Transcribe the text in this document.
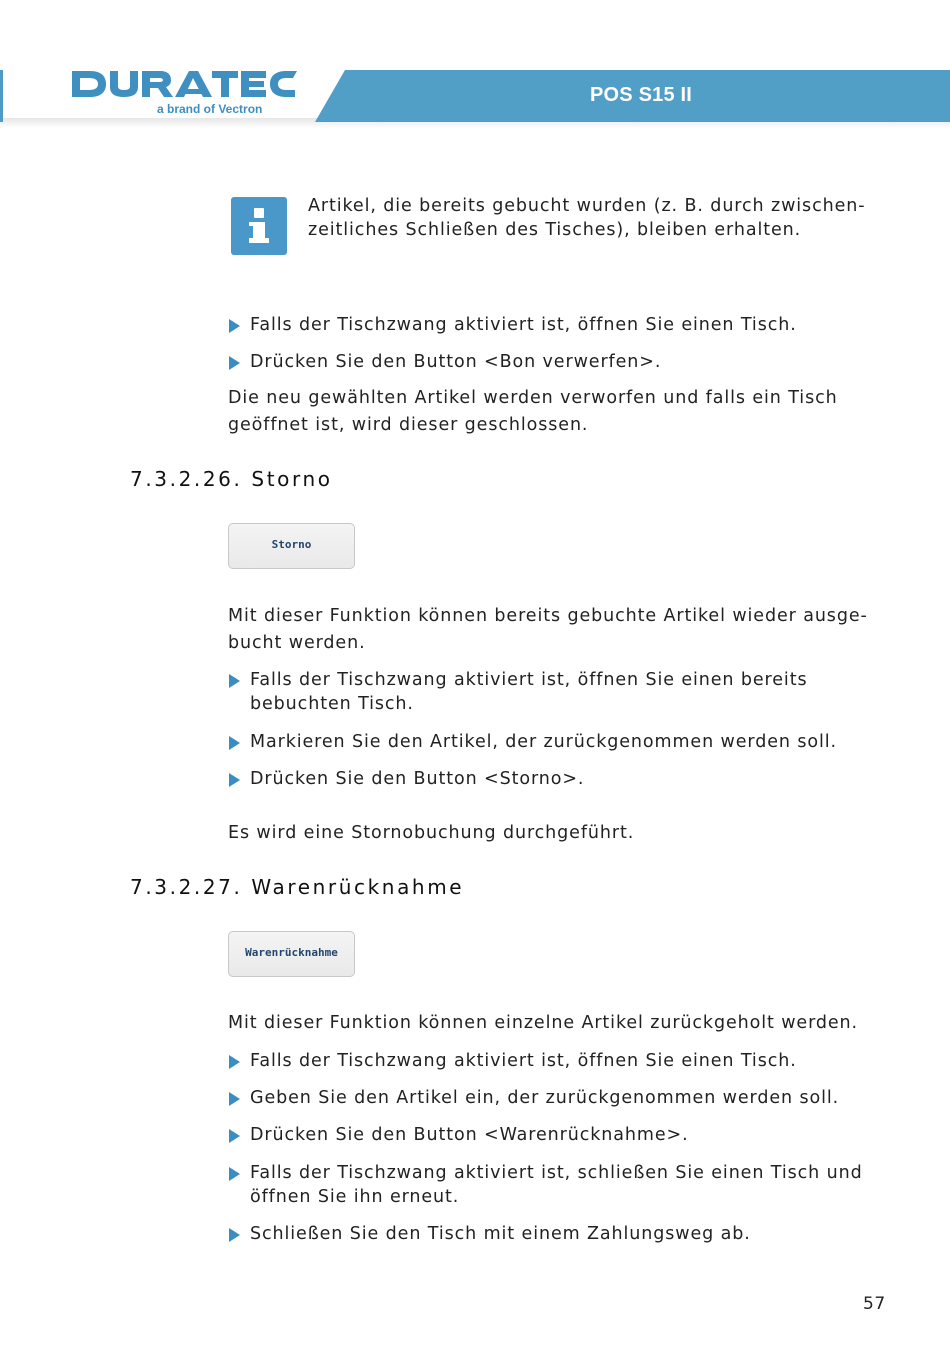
POS S15 II
a brand of Vectron
Artikel, die bereits gebucht wurden (z. B. durch zwischen-
zeitliches Schließen des Tisches), bleiben erhalten.
Falls der Tischzwang aktiviert ist, öffnen Sie einen Tisch.
Drücken Sie den Button <Bon verwerfen>.
Die neu gewählten Artikel werden verworfen und falls ein Tisch
geöffnet ist, wird dieser geschlossen.
7.3.2.26. Storno
Storno
Mit dieser Funktion können bereits gebuchte Artikel wieder ausge-
bucht werden.
Falls der Tischzwang aktiviert ist, öffnen Sie einen bereits
bebuchten Tisch.
Markieren Sie den Artikel, der zurückgenommen werden soll.
Drücken Sie den Button <Storno>.
Es wird eine Stornobuchung durchgeführt.
7.3.2.27. Warenrücknahme
Warenrücknahme
Mit dieser Funktion können einzelne Artikel zurückgeholt werden.
Falls der Tischzwang aktiviert ist, öffnen Sie einen Tisch.
Geben Sie den Artikel ein, der zurückgenommen werden soll.
Drücken Sie den Button <Warenrücknahme>.
Falls der Tischzwang aktiviert ist, schließen Sie einen Tisch und
öffnen Sie ihn erneut.
Schließen Sie den Tisch mit einem Zahlungsweg ab.
57
